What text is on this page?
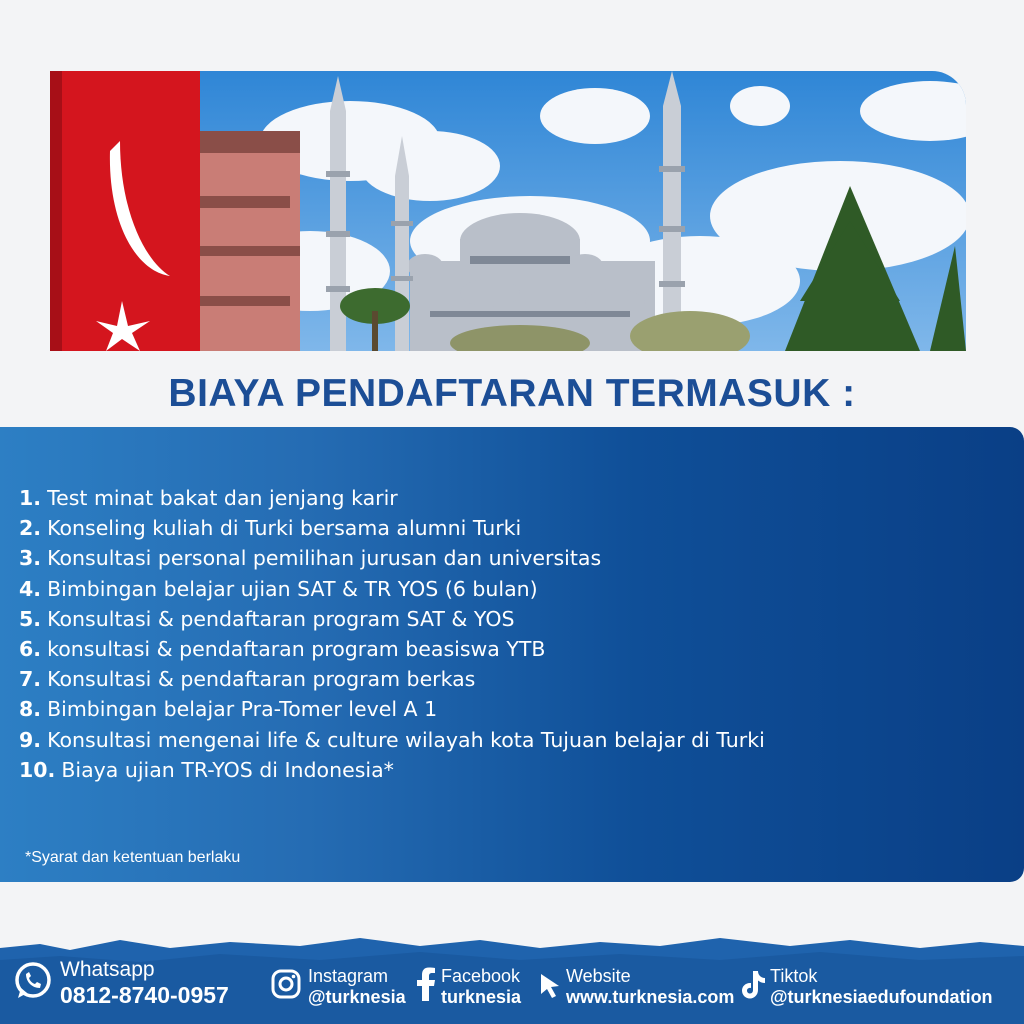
BIAYA PENDAFTARAN TERMASUK :
1. Test minat bakat dan jenjang karir
2. Konseling kuliah di Turki bersama alumni Turki
3. Konsultasi personal pemilihan jurusan dan universitas
4. Bimbingan belajar ujian SAT & TR YOS (6 bulan)
5. Konsultasi & pendaftaran program SAT & YOS
6. konsultasi & pendaftaran program beasiswa YTB
7. Konsultasi & pendaftaran program berkas
8. Bimbingan belajar Pra-Tomer level A 1
9. Konsultasi mengenai life & culture wilayah kota Tujuan belajar di Turki
10. Biaya ujian TR-YOS di Indonesia*
*Syarat dan ketentuan berlaku
Whatsapp
0812-8740-0957
Instagram
@turknesia
Facebook
turknesia
Website
www.turknesia.com
Tiktok
@turknesiaedufoundation
